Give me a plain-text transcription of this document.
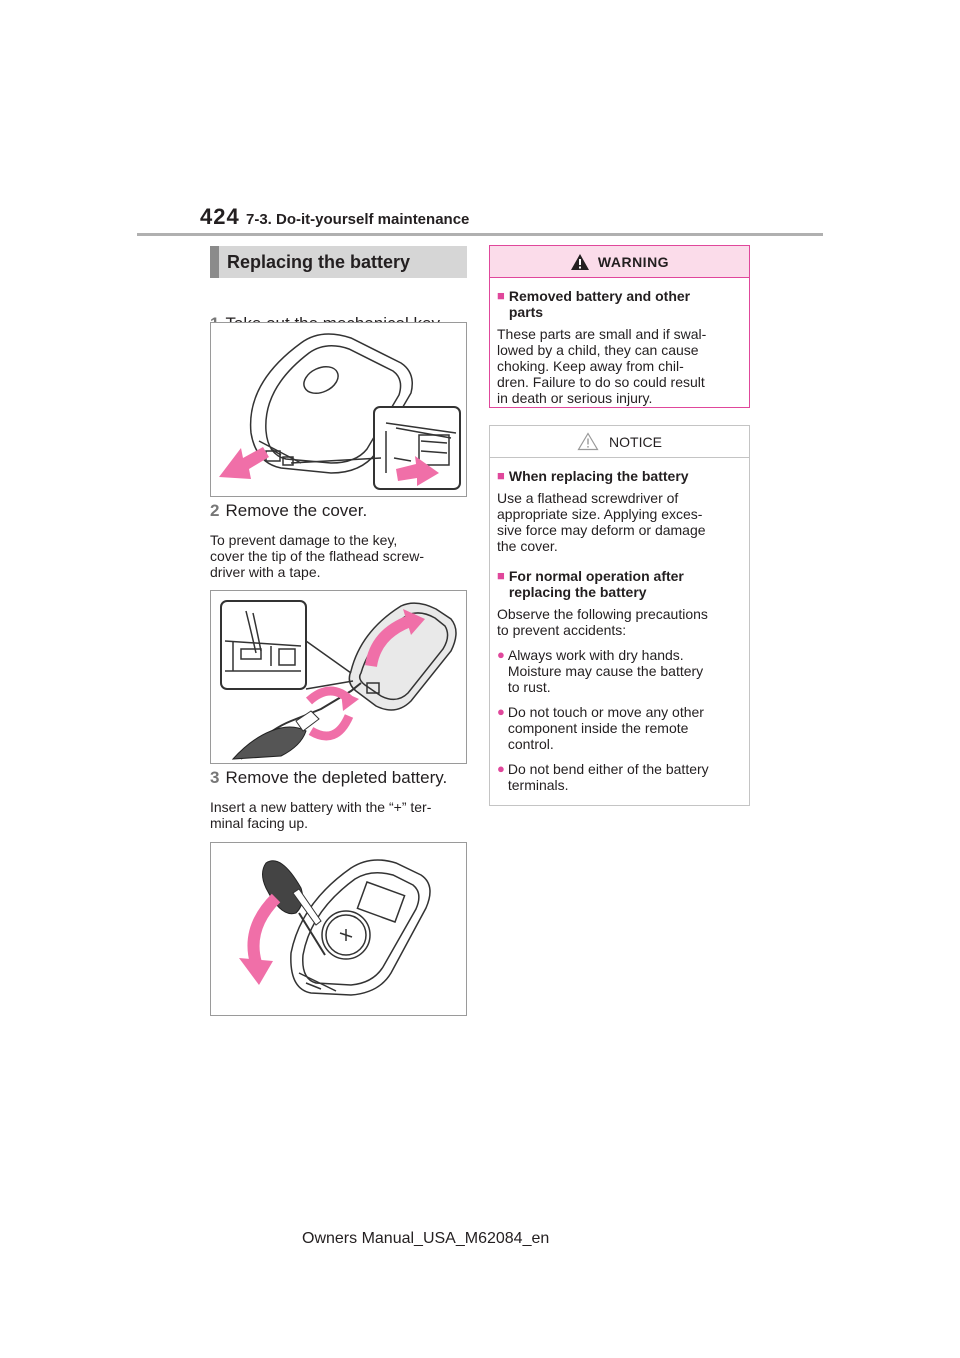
424 7-3. Do-it-yourself maintenance
Replacing the battery
2 Remove the cover.
To prevent damage to the key,
cover the tip of the flathead screw-
driver with a tape.
3 Remove the depleted battery.
Insert a new battery with the “+” ter-
minal facing up.
WARNING
■ Removed battery and other
parts
These parts are small and if swal-
lowed by a child, they can cause
choking. Keep away from chil-
dren. Failure to do so could result
in death or serious injury.
NOTICE
■ When replacing the battery
Use a flathead screwdriver of
appropriate size. Applying exces-
sive force may deform or damage
the cover.
■ For normal operation after
replacing the battery
Observe the following precautions
to prevent accidents:
● Always work with dry hands.
Moisture may cause the battery
to rust.
● Do not touch or move any other
component inside the remote
control.
● Do not bend either of the battery
terminals.
Owners Manual_USA_M62084_en
